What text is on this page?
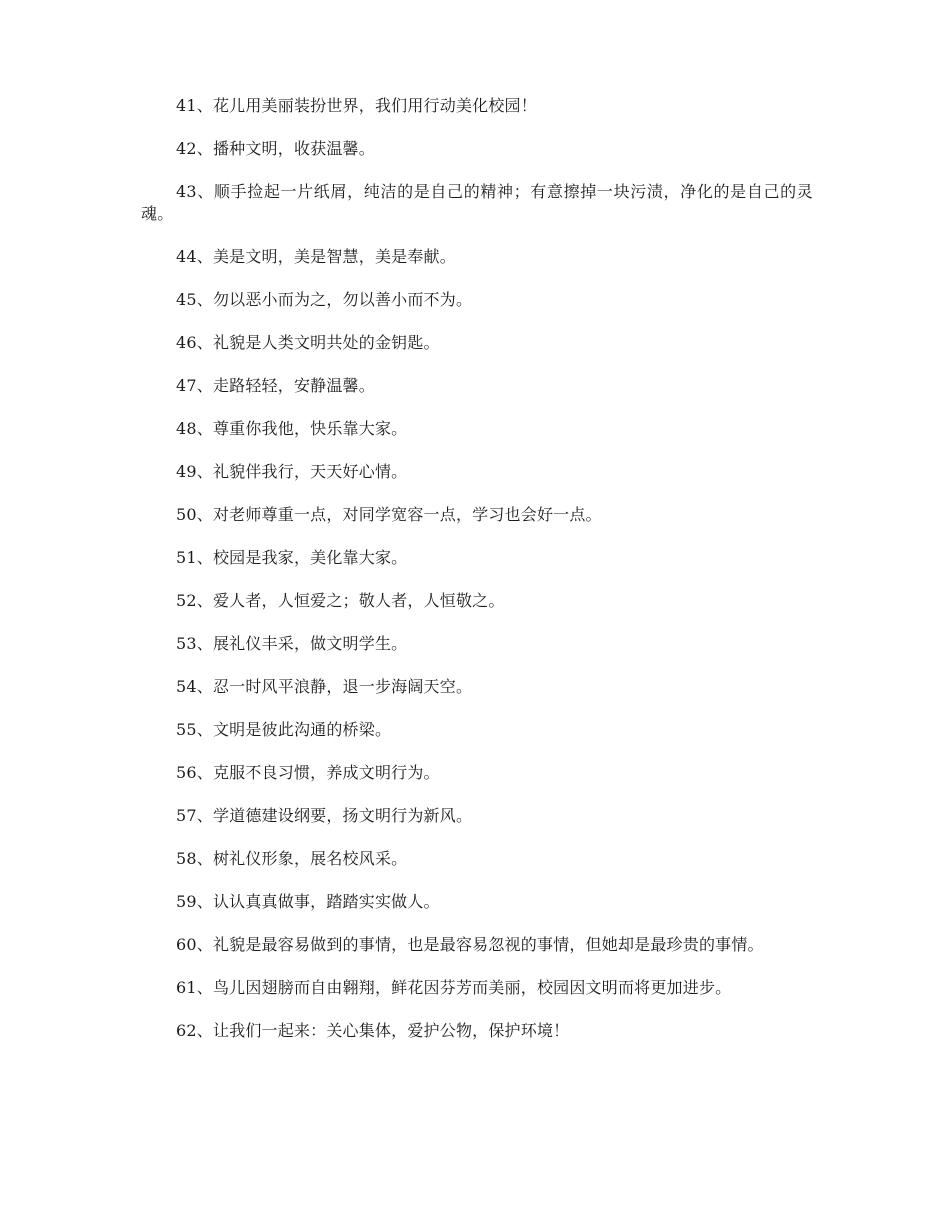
41、花儿用美丽装扮世界，我们用行动美化校园！

42、播种文明，收获温馨。

43、顺手捡起一片纸屑，纯洁的是自己的精神；有意擦掉一块污渍，净化的是自己的灵魂。

44、美是文明，美是智慧，美是奉献。

45、勿以恶小而为之，勿以善小而不为。

46、礼貌是人类文明共处的金钥匙。

47、走路轻轻，安静温馨。

48、尊重你我他，快乐靠大家。

49、礼貌伴我行，天天好心情。

50、对老师尊重一点，对同学宽容一点，学习也会好一点。

51、校园是我家，美化靠大家。

52、爱人者，人恒爱之；敬人者，人恒敬之。

53、展礼仪丰采，做文明学生。

54、忍一时风平浪静，退一步海阔天空。

55、文明是彼此沟通的桥梁。

56、克服不良习惯，养成文明行为。

57、学道德建设纲要，扬文明行为新风。

58、树礼仪形象，展名校风采。

59、认认真真做事，踏踏实实做人。

60、礼貌是最容易做到的事情，也是最容易忽视的事情，但她却是最珍贵的事情。

61、鸟儿因翅膀而自由翱翔，鲜花因芬芳而美丽，校园因文明而将更加进步。

62、让我们一起来：关心集体，爱护公物，保护环境！
